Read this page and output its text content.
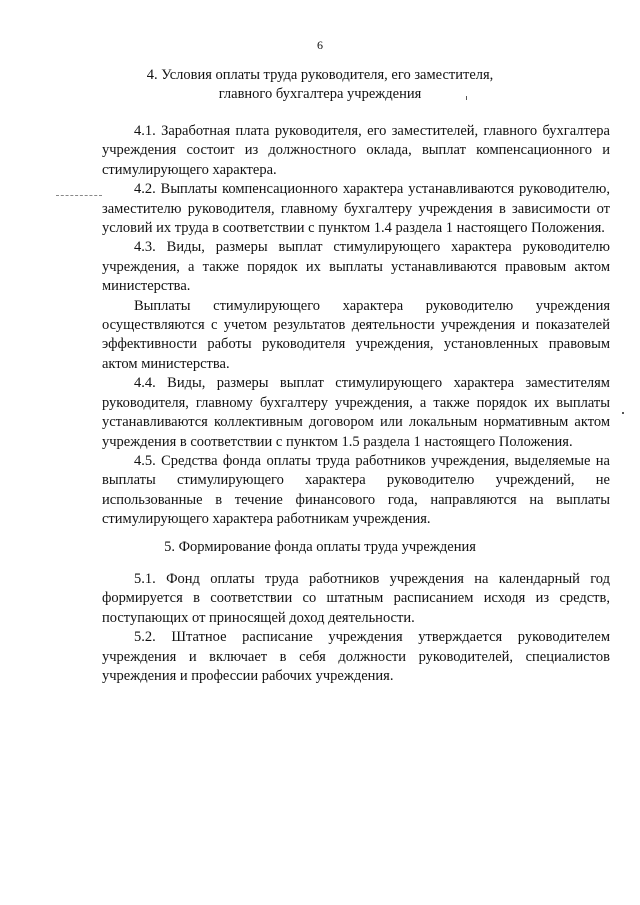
6
4. Условия оплаты труда руководителя, его заместителя,
главного бухгалтера учреждения

4.1. Заработная плата руководителя, его заместителей, главного бухгалтера учреждения состоит из должностного оклада, выплат компенсационного и стимулирующего характера.

4.2. Выплаты компенсационного характера устанавливаются руководителю, заместителю руководителя, главному бухгалтеру учреждения в зависимости от условий их труда в соответствии с пунктом 1.4 раздела 1 настоящего Положения.

4.3. Виды, размеры выплат стимулирующего характера руководителю учреждения, а также порядок их выплаты устанавливаются правовым актом министерства.

Выплаты стимулирующего характера руководителю учреждения осуществляются с учетом результатов деятельности учреждения и показателей эффективности работы руководителя учреждения, установленных правовым актом министерства.

4.4. Виды, размеры выплат стимулирующего характера заместителям руководителя, главному бухгалтеру учреждения, а также порядок их выплаты устанавливаются коллективным договором или локальным нормативным актом учреждения в соответствии с пунктом 1.5 раздела 1 настоящего Положения.

4.5. Средства фонда оплаты труда работников учреждения, выделяемые на выплаты стимулирующего характера руководителю учреждений, не использованные в течение финансового года, направляются на выплаты стимулирующего характера работникам учреждения.

5. Формирование фонда оплаты труда учреждения

5.1. Фонд оплаты труда работников учреждения на календарный год формируется в соответствии со штатным расписанием исходя из средств, поступающих от приносящей доход деятельности.

5.2. Штатное расписание учреждения утверждается руководителем учреждения и включает в себя должности руководителей, специалистов учреждения и профессии рабочих учреждения.
